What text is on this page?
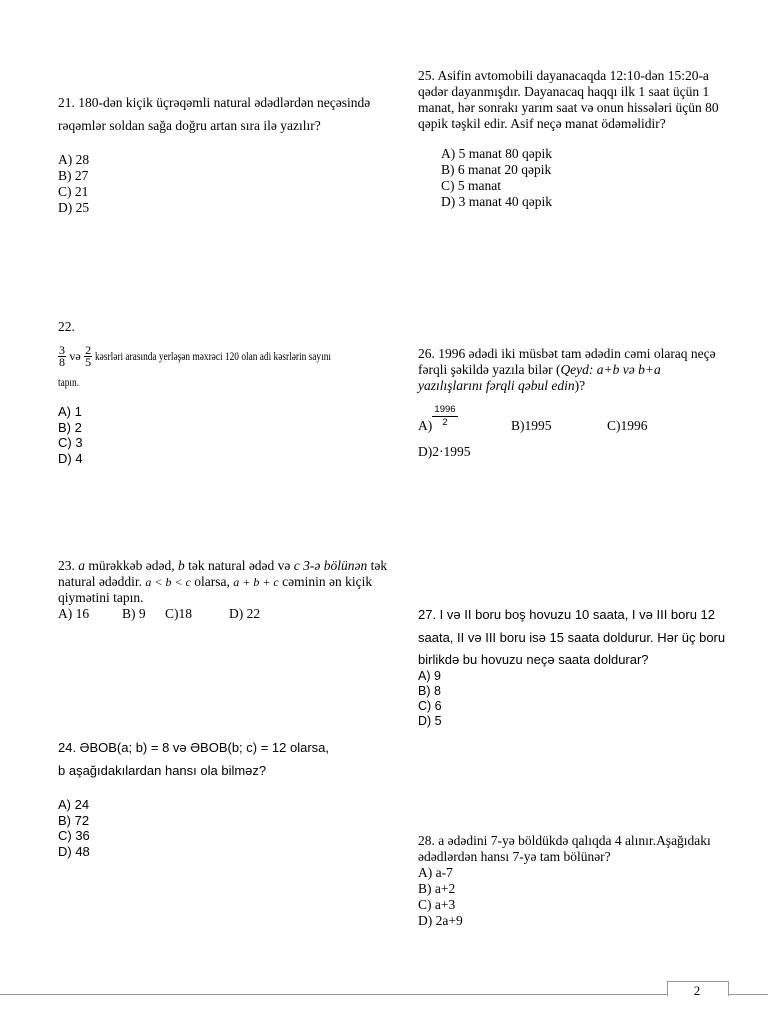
21. 180-dən kiçik üçrəqəmli natural ədədlərdən neçəsində
rəqəmlər soldan sağa doğru artan sıra ilə yazılır?
A) 28
B) 27
C) 21
D) 25
22.
$\frac{3}{8}$ və $\frac{2}{5}$ kəsrləri arasında yerləşən məxrəci 120 olan adi kəsrlərin sayını
tapın.
A) 1
B) 2
C) 3
D) 4
23. a mürəkkəb ədəd, b tək natural ədəd və c 3-ə bölünən tək
natural ədəddir. a < b < c olarsa, a + b + c cəminin ən kiçik
qiymətini tapın.
A) 16 B) 9 C)18	D) 22
24. ƏBOB(a; b) = 8 və ƏBOB(b; c) = 12 olarsa,
b aşağıdakılardan hansı ola bilməz?
A) 24
B) 72
C) 36
D) 48
25. Asifin avtomobili dayanacaqda 12:10-dən 15:20-a
qədər dayanmışdır. Dayanacaq haqqı ilk 1 saat üçün 1
manat, hər sonrakı yarım saat və onun hissələri üçün 80
qəpik təşkil edir. Asif neçə manat ödəməlidir?
A) 5 manat 80 qəpik
B) 6 manat 20 qəpik
C) 5 manat
D) 3 manat 40 qəpik
26. 1996 ədədi iki müsbət tam ədədin cəmi olaraq neçə
fərqli şəkildə yazıla bilər (Qeyd: a+b və b+a
yazılışlarını fərqli qəbul edin)?
A)
1996
2	B)1995	C)1996
D)2·1995
27. I və II boru boş hovuzu 10 saata, I və III boru 12
saata, II və III boru isə 15 saata doldurur. Hər üç boru
birlikdə bu hovuzu neçə saata doldurar?
A) 9
B) 8
C) 6
D) 5
28. a ədədini 7-yə böldükdə qalıqda 4 alınır.Aşağıdakı
ədədlərdən hansı 7-yə tam bölünər?
A) a-7
B) a+2
C) a+3
D) 2a+9
2
